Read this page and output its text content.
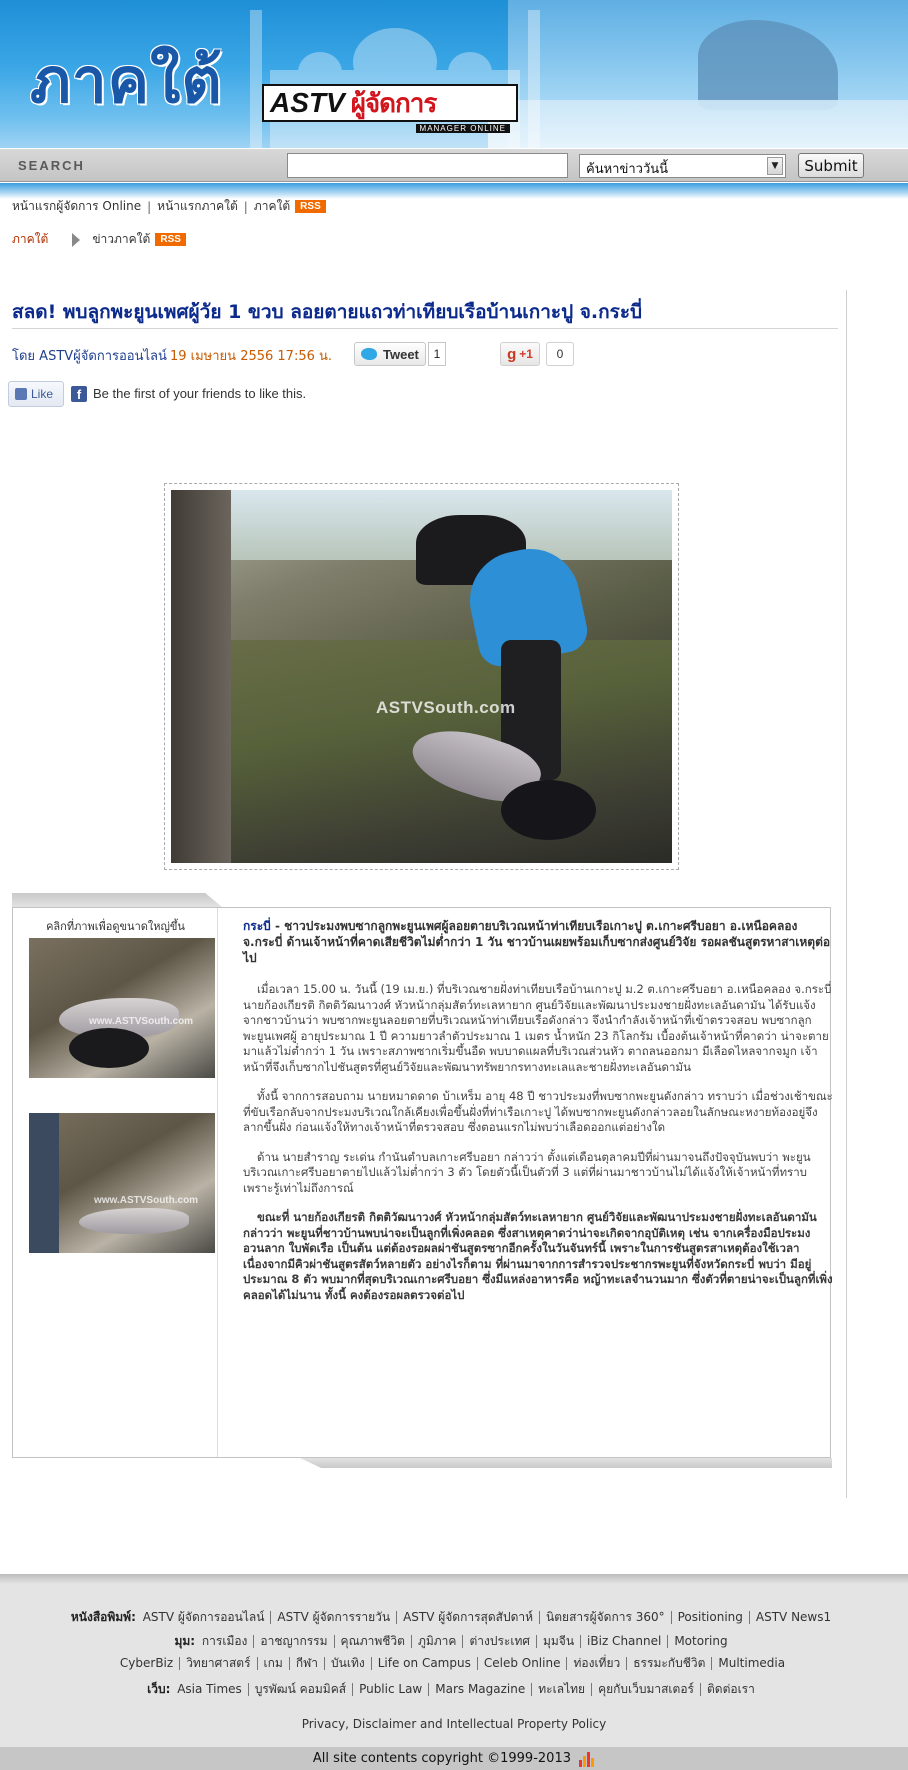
ภาคใต้ ASTV ผู้จัดการ
MANAGER ONLINE
SEARCH	ค้นหาข่าววันนี้	▼	Submit
หน้าแรกผู้จัดการ Online | หน้าแรกภาคใต้ | ภาคใต้	RSS
ภาคใต้	ข่าวภาคใต้	RSS
สลด! พบลูกพะยูนเพศผู้วัย 1 ขวบ ลอยตายแถวท่าเทียบเรือบ้านเกาะปู จ.กระบี่
โดย ASTVผู้จัดการออนไลน์ 19 เมษายน 2556 17:56 น.	Tweet	1	g +1	0
Like	f Be the first of your friends to like this.
ASTVSouth.com
คลิกที่ภาพเพื่อดูขนาดใหญ่ขึ้น
www.ASTVSouth.com
www.ASTVSouth.com

กระบี่ - ชาวประมงพบซากลูกพะยูนเพศผู้ลอยตายบริเวณหน้าท่าเทียบเรือเกาะปู ต.เกาะศรีบอยา อ.เหนือคลอง จ.กระบี่ ด้านเจ้าหน้าที่คาดเสียชีวิตไม่ต่ำกว่า 1 วัน ชาวบ้านเผยพร้อมเก็บซากส่งศูนย์วิจัย รอผลชันสูตรหาสาเหตุต่อไป

เมื่อเวลา 15.00 น. วันนี้ (19 เม.ย.) ที่บริเวณชายฝั่งท่าเทียบเรือบ้านเกาะปู ม.2 ต.เกาะศรีบอยา อ.เหนือคลอง จ.กระบี่ นายก้องเกียรติ กิตติวัฒนาวงศ์ หัวหน้ากลุ่มสัตว์ทะเลหายาก ศูนย์วิจัยและพัฒนาประมงชายฝั่งทะเลอันดามัน ได้รับแจ้งจากชาวบ้านว่า พบซากพะยูนลอยตายที่บริเวณหน้าท่าเทียบเรือดังกล่าว จึงนำกำลังเจ้าหน้าที่เข้าตรวจสอบ พบซากลูกพะยูนเพศผู้ อายุประมาณ 1 ปี ความยาวลำตัวประมาณ 1 เมตร น้ำหนัก 23 กิโลกรัม เบื้องต้นเจ้าหน้าที่คาดว่า น่าจะตายมาแล้วไม่ต่ำกว่า 1 วัน เพราะสภาพซากเริ่มขึ้นอืด พบบาดแผลที่บริเวณส่วนหัว ตาถลนออกมา มีเลือดไหลจากจมูก เจ้าหน้าที่จึงเก็บซากไปชันสูตรที่ศูนย์วิจัยและพัฒนาทรัพยากรทางทะเลและชายฝั่งทะเลอันดามัน

ทั้งนี้ จากการสอบถาม นายหมาดดาด บ้าเหร็ม อายุ 48 ปี ชาวประมงที่พบซากพะยูนดังกล่าว ทราบว่า เมื่อช่วงเช้าขณะที่ขับเรือกลับจากประมงบริเวณใกล้เคียงเพื่อขึ้นฝั่งที่ท่าเรือเกาะปู ได้พบซากพะยูนดังกล่าวลอยในลักษณะหงายท้องอยู่จึงลากขึ้นฝั่ง ก่อนแจ้งให้ทางเจ้าหน้าที่ตรวจสอบ ซึ่งตอนแรกไม่พบว่าเลือดออกแต่อย่างใด

ด้าน นายสำราญ ระเด่น กำนันตำบลเกาะศรีบอยา กล่าวว่า ตั้งแต่เดือนตุลาคมปีที่ผ่านมาจนถึงปัจจุบันพบว่า พะยูนบริเวณเกาะศรีบอยาตายไปแล้วไม่ต่ำกว่า 3 ตัว โดยตัวนี้เป็นตัวที่ 3 แต่ที่ผ่านมาชาวบ้านไม่ได้แจ้งให้เจ้าหน้าที่ทราบ เพราะรู้เท่าไม่ถึงการณ์

ขณะที่ นายก้องเกียรติ กิตติวัฒนาวงศ์ หัวหน้ากลุ่มสัตว์ทะเลหายาก ศูนย์วิจัยและพัฒนาประมงชายฝั่งทะเลอันดามัน กล่าวว่า พะยูนที่ชาวบ้านพบน่าจะเป็นลูกที่เพิ่งคลอด ซึ่งสาเหตุคาดว่าน่าจะเกิดจากอุบัติเหตุ เช่น จากเครื่องมือประมง อวนลาก ใบพัดเรือ เป็นต้น แต่ต้องรอผลผ่าชันสูตรซากอีกครั้งในวันจันทร์นี้ เพราะในการชันสูตรสาเหตุต้องใช้เวลาเนื่องจากมีคิวผ่าชันสูตรสัตว์หลายตัว อย่างไรก็ตาม ที่ผ่านมาจากการสำรวจประชากรพะยูนที่จังหวัดกระบี่ พบว่า มีอยู่ประมาณ 8 ตัว พบมากที่สุดบริเวณเกาะศรีบอยา ซึ่งมีแหล่งอาหารคือ หญ้าทะเลจำนวนมาก ซึ่งตัวที่ตายน่าจะเป็นลูกที่เพิ่งคลอดได้ไม่นาน ทั้งนี้ คงต้องรอผลตรวจต่อไป

หนังสือพิมพ์: ASTV ผู้จัดการออนไลน์ ASTV ผู้จัดการรายวัน ASTV ผู้จัดการสุดสัปดาห์ นิตยสารผู้จัดการ 360° Positioning ASTV News1
มุม: การเมือง อาชญากรรม คุณภาพชีวิต ภูมิภาค ต่างประเทศ มุมจีน iBiz Channel Motoring
CyberBiz วิทยาศาสตร์ เกม กีฬา บันเทิง Life on Campus Celeb Online ท่องเที่ยว ธรรมะกับชีวิต Multimedia
เว็บ: Asia Times บูรพัฒน์ คอมมิคส์ Public Law Mars Magazine ทะเลไทย คุยกับเว็บมาสเตอร์ ติดต่อเรา
Privacy, Disclaimer and Intellectual Property Policy
All site contents copyright ©1999-2013
